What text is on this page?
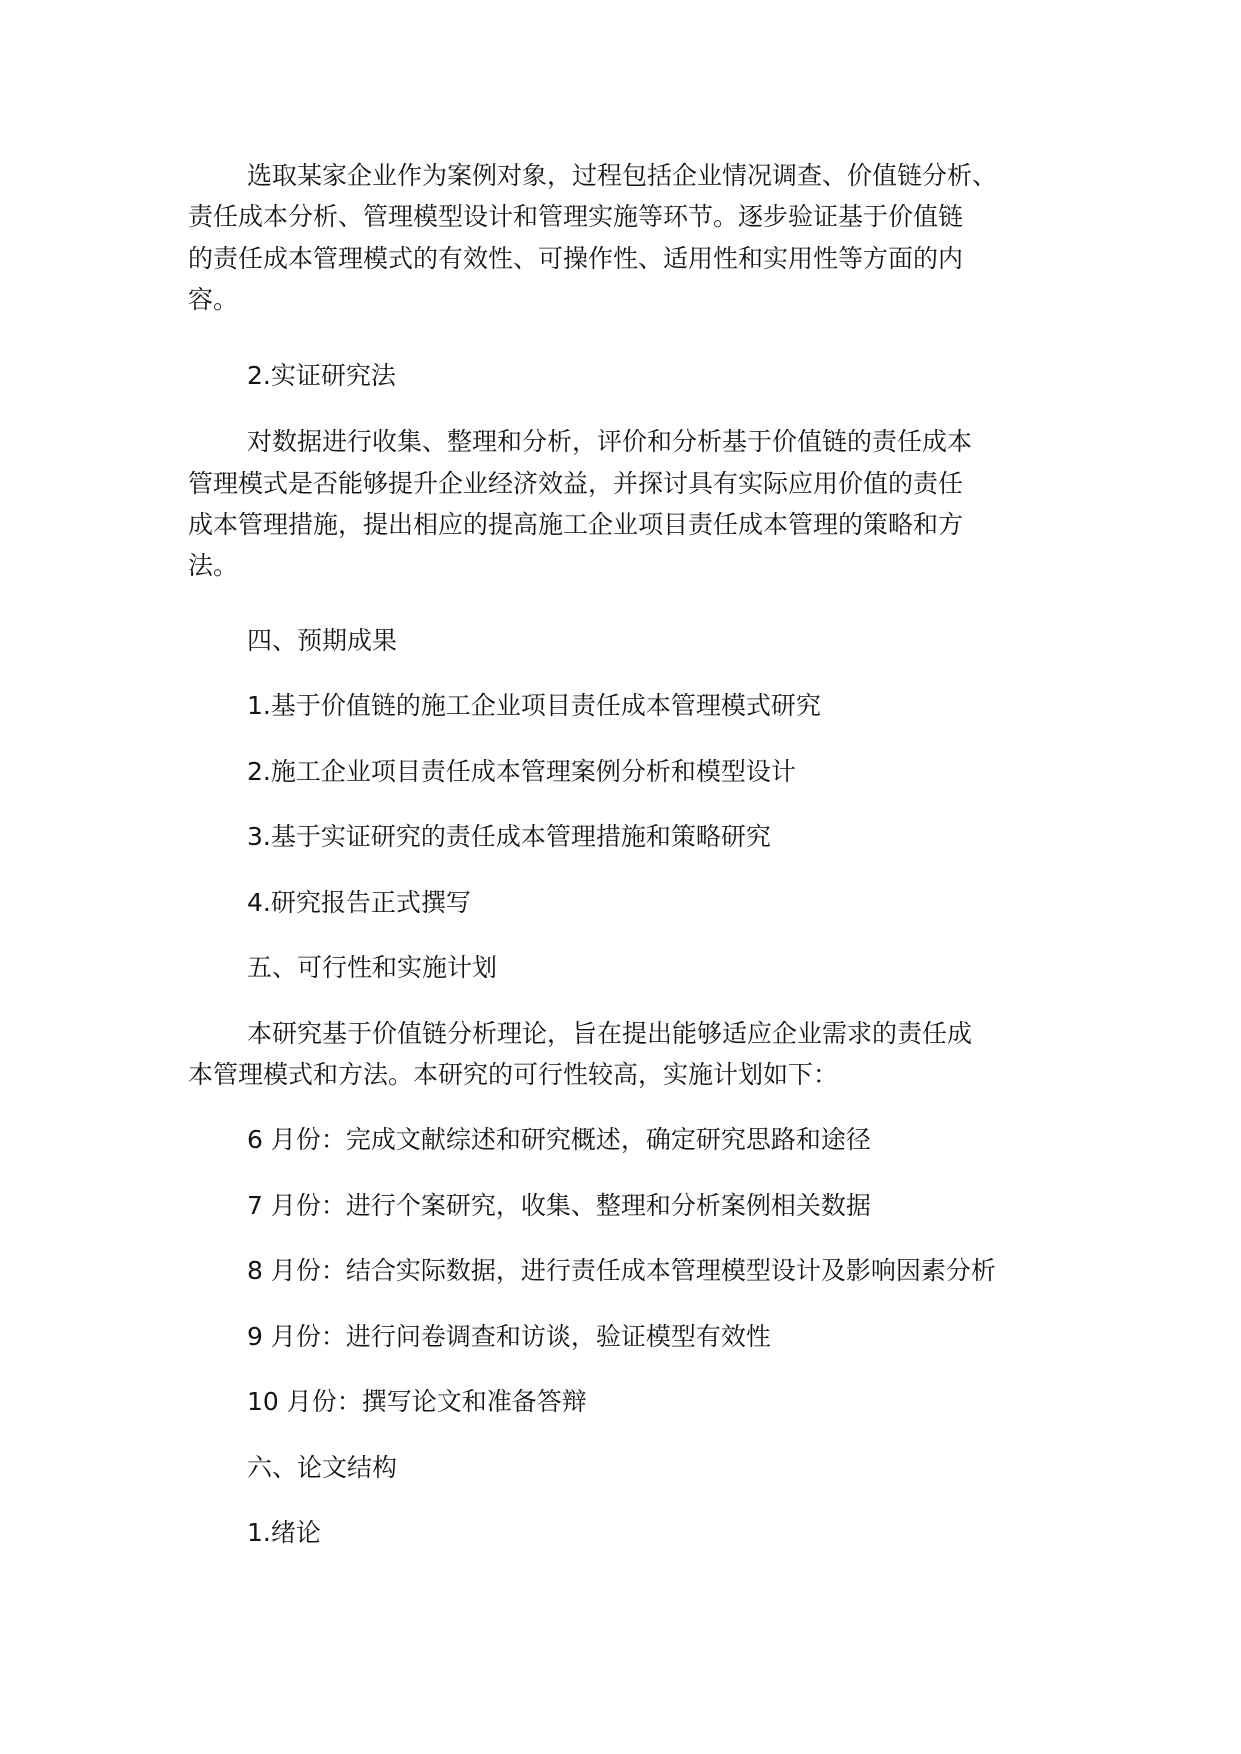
选取某家企业作为案例对象，过程包括企业情况调查、价值链分析、
责任成本分析、管理模型设计和管理实施等环节。逐步验证基于价值链
的责任成本管理模式的有效性、可操作性、适用性和实用性等方面的内
容。
2.实证研究法
对数据进行收集、整理和分析，评价和分析基于价值链的责任成本
管理模式是否能够提升企业经济效益，并探讨具有实际应用价值的责任
成本管理措施，提出相应的提高施工企业项目责任成本管理的策略和方
法。
四、预期成果
1.基于价值链的施工企业项目责任成本管理模式研究
2.施工企业项目责任成本管理案例分析和模型设计
3.基于实证研究的责任成本管理措施和策略研究
4.研究报告正式撰写
五、可行性和实施计划
本研究基于价值链分析理论，旨在提出能够适应企业需求的责任成
本管理模式和方法。本研究的可行性较高，实施计划如下：
6 月份：完成文献综述和研究概述，确定研究思路和途径
7 月份：进行个案研究，收集、整理和分析案例相关数据
8 月份：结合实际数据，进行责任成本管理模型设计及影响因素分析
9 月份：进行问卷调查和访谈，验证模型有效性
10 月份：撰写论文和准备答辩
六、论文结构
1.绪论
